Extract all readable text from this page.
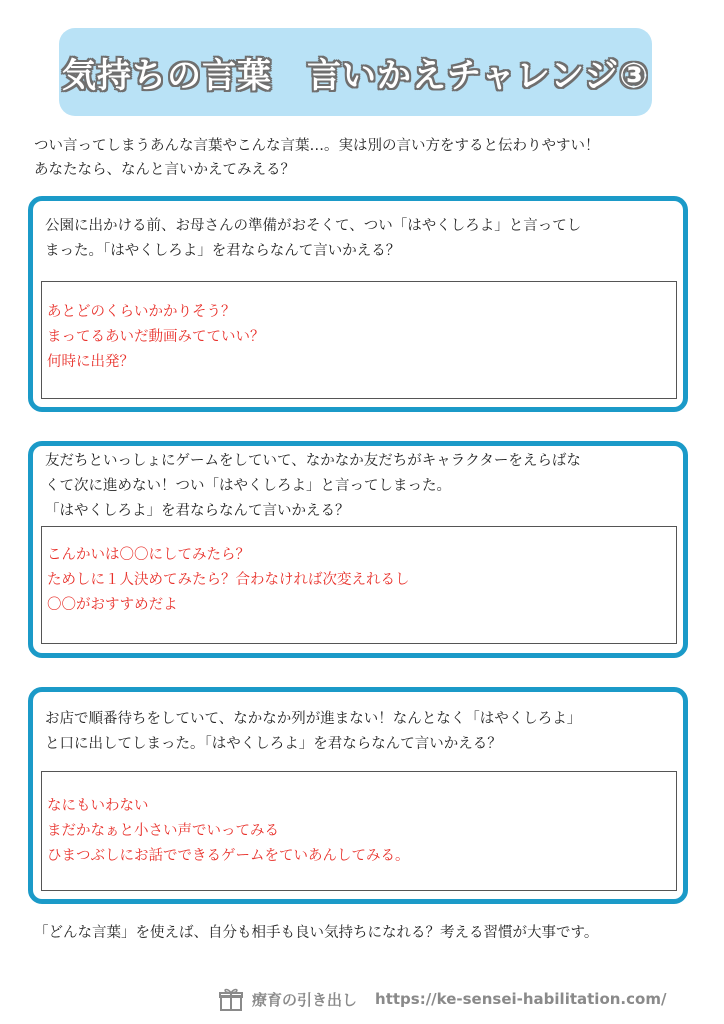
気持ちの言葉　言いかえチャレンジ③
つい言ってしまうあんな言葉やこんな言葉…。実は別の言い方をすると伝わりやすい！
あなたなら、なんと言いかえてみえる？
公園に出かける前、お母さんの準備がおそくて、つい「はやくしろよ」と言ってし
まった。「はやくしろよ」を君ならなんて言いかえる？
あとどのくらいかかりそう？
まってるあいだ動画みてていい？
何時に出発？
友だちといっしょにゲームをしていて、なかなか友だちがキャラクターをえらばな
くて次に進めない！つい「はやくしろよ」と言ってしまった。
「はやくしろよ」を君ならなんて言いかえる？
こんかいは〇〇にしてみたら？
ためしに１人決めてみたら？合わなければ次変えれるし
〇〇がおすすめだよ
お店で順番待ちをしていて、なかなか列が進まない！なんとなく「はやくしろよ」
と口に出してしまった。「はやくしろよ」を君ならなんて言いかえる？
なにもいわない
まだかなぁと小さい声でいってみる
ひまつぶしにお話でできるゲームをていあんしてみる。
「どんな言葉」を使えば、自分も相手も良い気持ちになれる？考える習慣が大事です。
療育の引き出し https://ke-sensei-habilitation.com/
